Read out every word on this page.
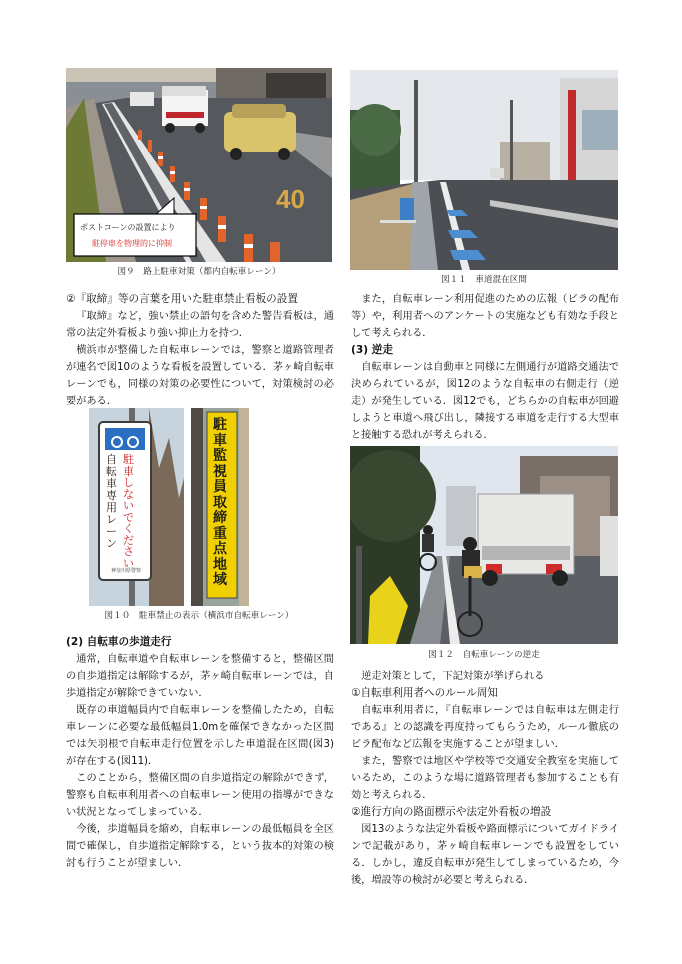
40
ポストコーンの設置により
駐停車を物理的に抑制
図９　路上駐車対策（都内自転車レーン）
図１１　車道混在区間
②『取締』等の言葉を用いた駐車禁止看板の設置

『取締』など，強い禁止の語句を含めた警告看板は，通常の法定外看板より強い抑止力を持つ．

横浜市が整備した自転車レーンでは，警察と道路管理者が連名で図10のような看板を設置している．茅ヶ崎自転車レーンでも，同様の対策の必要性について，対策検討の必要がある．

自転車専用レーン
駐車しないでください
神奈川県警察
駐車監視員取締重点地域
図１０　駐車禁止の表示（横浜市自転車レーン）
(2) 自転車の歩道走行

通常，自転車道や自転車レーンを整備すると，整備区間の自歩道指定は解除するが，茅ヶ崎自転車レーンでは，自歩道指定が解除できていない．

既存の車道幅員内で自転車レーンを整備したため，自転車レーンに必要な最低幅員1.0mを確保できなかった区間では矢羽根で自転車走行位置を示した車道混在区間(図3)が存在する(図11)．

このことから，整備区間の自歩道指定の解除ができず，警察も自転車利用者への自転車レーン使用の指導ができない状況となってしまっている．

今後，歩道幅員を縮め，自転車レーンの最低幅員を全区間で確保し，自歩道指定解除する，という抜本的対策の検討も行うことが望ましい．

また，自転車レーン利用促進のための広報（ビラの配布等）や，利用者へのアンケートの実施なども有効な手段として考えられる．

(3) 逆走

自転車レーンは自動車と同様に左側通行が道路交通法で決められているが，図12のような自転車の右側走行（逆走）が発生している．図12でも，どちらかの自転車が回避しようと車道へ飛び出し，隣接する車道を走行する大型車と接触する恐れが考えられる．

図１２　自転車レーンの逆走

逆走対策として，下記対策が挙げられる

①自転車利用者へのルール周知

自転車利用者に，『自転車レーンでは自転車は左側走行である』との認識を再度持ってもらうため，ルール徹底のビラ配布など広報を実施することが望ましい．

また，警察では地区や学校等で交通安全教室を実施しているため，このような場に道路管理者も参加することも有効と考えられる．

②進行方向の路面標示や法定外看板の増設

図13のような法定外看板や路面標示についてガイドラインで記載があり，茅ヶ崎自転車レーンでも設置をしている．しかし，違反自転車が発生してしまっているため，今後，増設等の検討が必要と考えられる．
